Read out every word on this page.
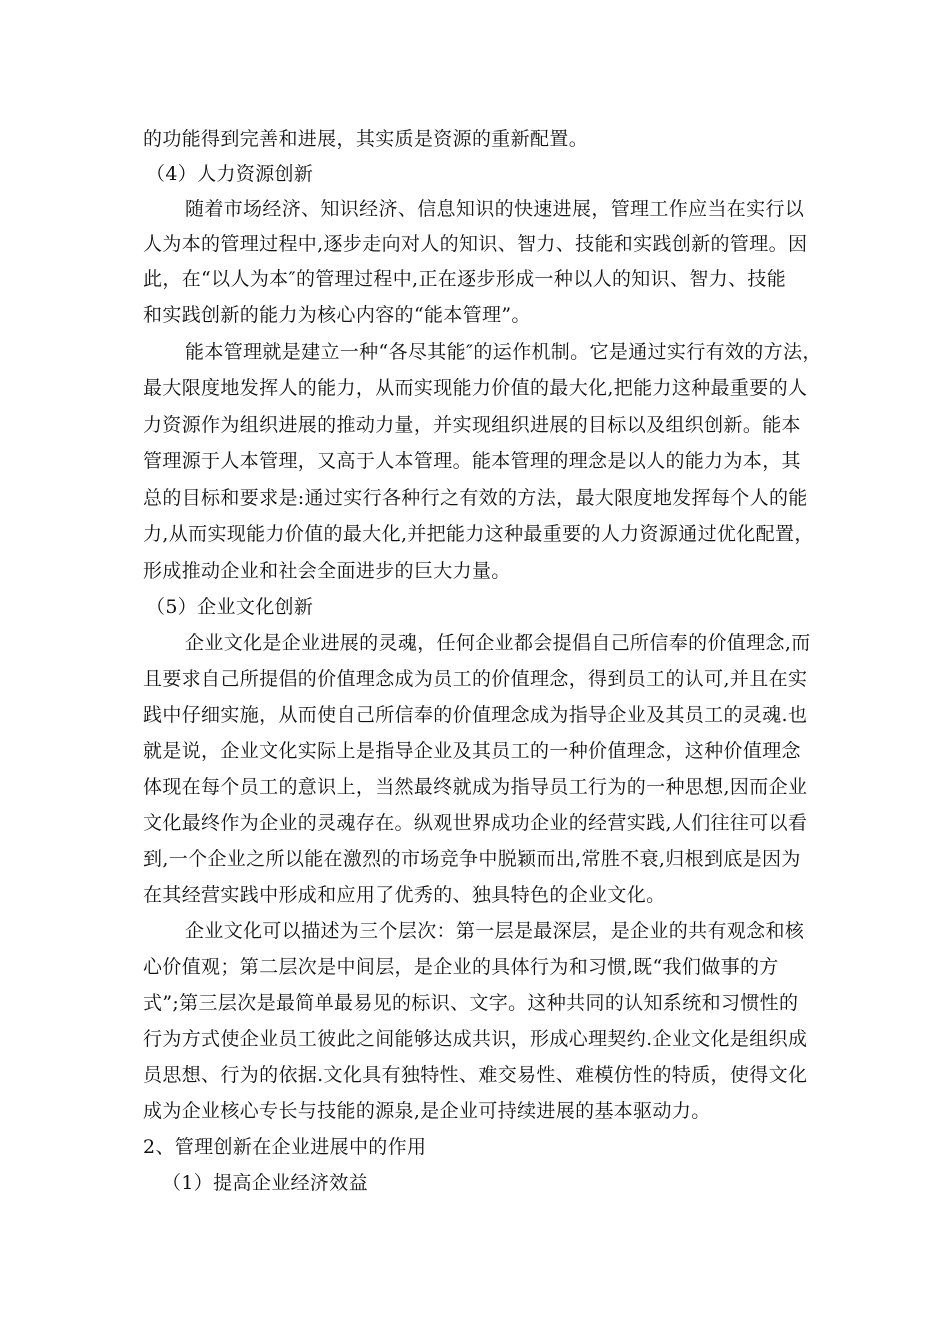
的功能得到完善和进展，其实质是资源的重新配置。
（4）人力资源创新
随着市场经济、知识经济、信息知识的快速进展，管理工作应当在实行以
人为本的管理过程中,逐步走向对人的知识、智力、技能和实践创新的管理。因
此，在“以人为本″的管理过程中,正在逐步形成一种以人的知识、智力、技能
和实践创新的能力为核心内容的“能本管理”。
能本管理就是建立一种“各尽其能″的运作机制。它是通过实行有效的方法，
最大限度地发挥人的能力，从而实现能力价值的最大化,把能力这种最重要的人
力资源作为组织进展的推动力量，并实现组织进展的目标以及组织创新。能本
管理源于人本管理，又高于人本管理。能本管理的理念是以人的能力为本，其
总的目标和要求是:通过实行各种行之有效的方法，最大限度地发挥每个人的能
力,从而实现能力价值的最大化,并把能力这种最重要的人力资源通过优化配置，
形成推动企业和社会全面进步的巨大力量。
（5）企业文化创新
企业文化是企业进展的灵魂，任何企业都会提倡自己所信奉的价值理念,而
且要求自己所提倡的价值理念成为员工的价值理念，得到员工的认可,并且在实
践中仔细实施，从而使自己所信奉的价值理念成为指导企业及其员工的灵魂.也
就是说，企业文化实际上是指导企业及其员工的一种价值理念，这种价值理念
体现在每个员工的意识上，当然最终就成为指导员工行为的一种思想,因而企业
文化最终作为企业的灵魂存在。纵观世界成功企业的经营实践,人们往往可以看
到,一个企业之所以能在激烈的市场竞争中脱颖而出,常胜不衰,归根到底是因为
在其经营实践中形成和应用了优秀的、独具特色的企业文化。
企业文化可以描述为三个层次：第一层是最深层，是企业的共有观念和核
心价值观；第二层次是中间层，是企业的具体行为和习惯,既“我们做事的方
式”;第三层次是最简单最易见的标识、文字。这种共同的认知系统和习惯性的
行为方式使企业员工彼此之间能够达成共识，形成心理契约.企业文化是组织成
员思想、行为的依据.文化具有独特性、难交易性、难模仿性的特质，使得文化
成为企业核心专长与技能的源泉,是企业可持续进展的基本驱动力。
2、管理创新在企业进展中的作用
（1）提高企业经济效益
